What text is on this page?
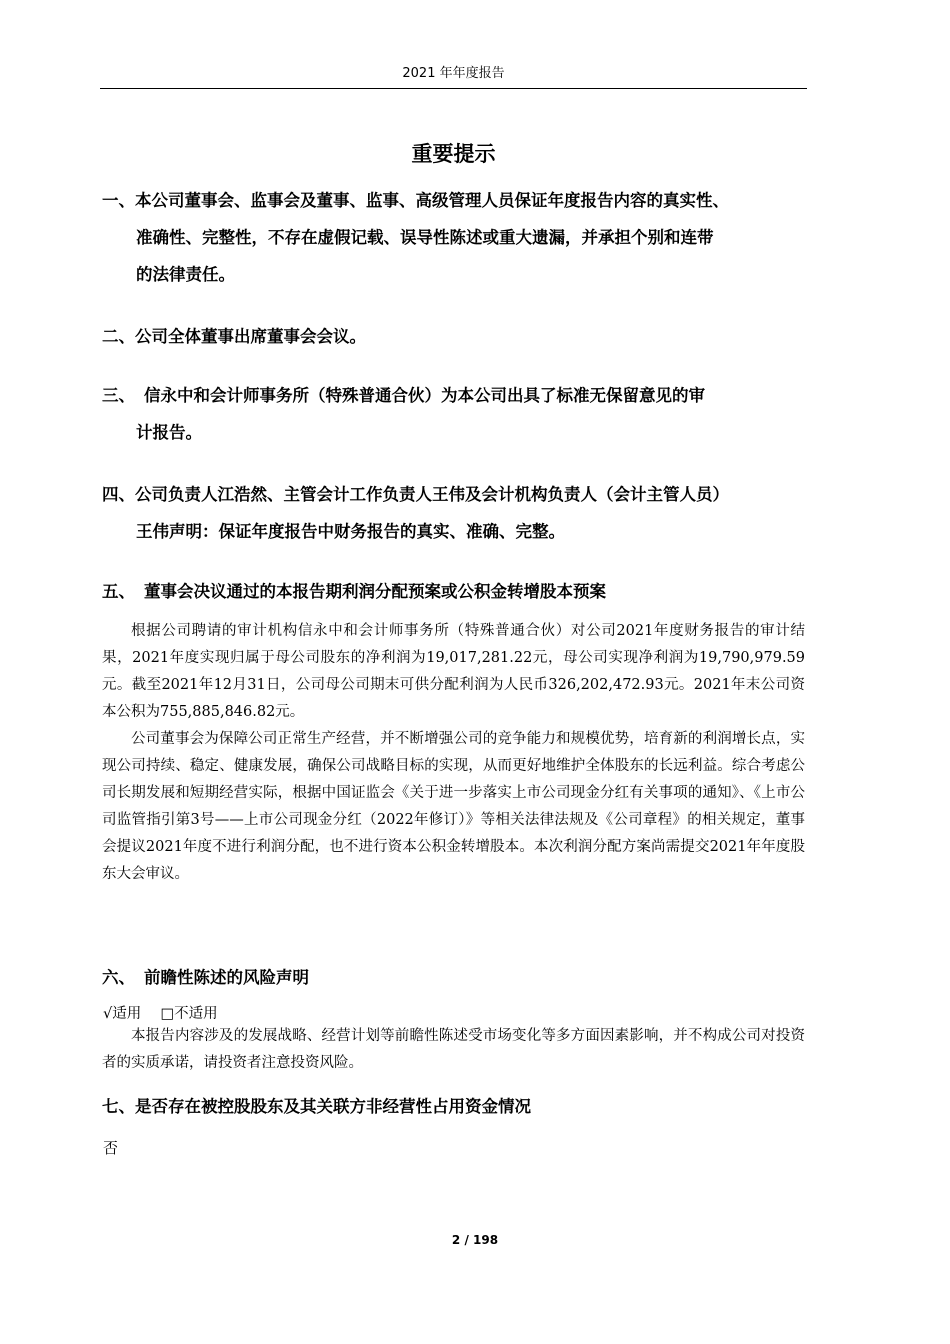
2021 年年度报告
重要提示
一、本公司董事会、监事会及董事、监事、高级管理人员保证年度报告内容的真实性、
准确性、完整性，不存在虚假记载、误导性陈述或重大遗漏，并承担个别和连带
的法律责任。
二、公司全体董事出席董事会会议。
三、 信永中和会计师事务所（特殊普通合伙）为本公司出具了标准无保留意见的审
计报告。
四、公司负责人江浩然、主管会计工作负责人王伟及会计机构负责人（会计主管人员）
王伟声明：保证年度报告中财务报告的真实、准确、完整。
五、 董事会决议通过的本报告期利润分配预案或公积金转增股本预案

根据公司聘请的审计机构信永中和会计师事务所（特殊普通合伙）对公司2021年度财务报告的审计结果，2021年度实现归属于母公司股东的净利润为19,017,281.22元，母公司实现净利润为19,790,979.59元。截至2021年12月31日，公司母公司期末可供分配利润为人民币326,202,472.93元。2021年末公司资本公积为755,885,846.82元。

公司董事会为保障公司正常生产经营，并不断增强公司的竞争能力和规模优势，培育新的利润增长点，实现公司持续、稳定、健康发展，确保公司战略目标的实现，从而更好地维护全体股东的长远利益。综合考虑公司长期发展和短期经营实际，根据中国证监会《关于进一步落实上市公司现金分红有关事项的通知》、《上市公司监管指引第3号——上市公司现金分红（2022年修订）》等相关法律法规及《公司章程》的相关规定，董事会提议2021年度不进行利润分配，也不进行资本公积金转增股本。本次利润分配方案尚需提交2021年年度股东大会审议。

六、 前瞻性陈述的风险声明
√适用 □不适用

本报告内容涉及的发展战略、经营计划等前瞻性陈述受市场变化等多方面因素影响，并不构成公司对投资者的实质承诺，请投资者注意投资风险。

七、是否存在被控股股东及其关联方非经营性占用资金情况
否
2 / 198
